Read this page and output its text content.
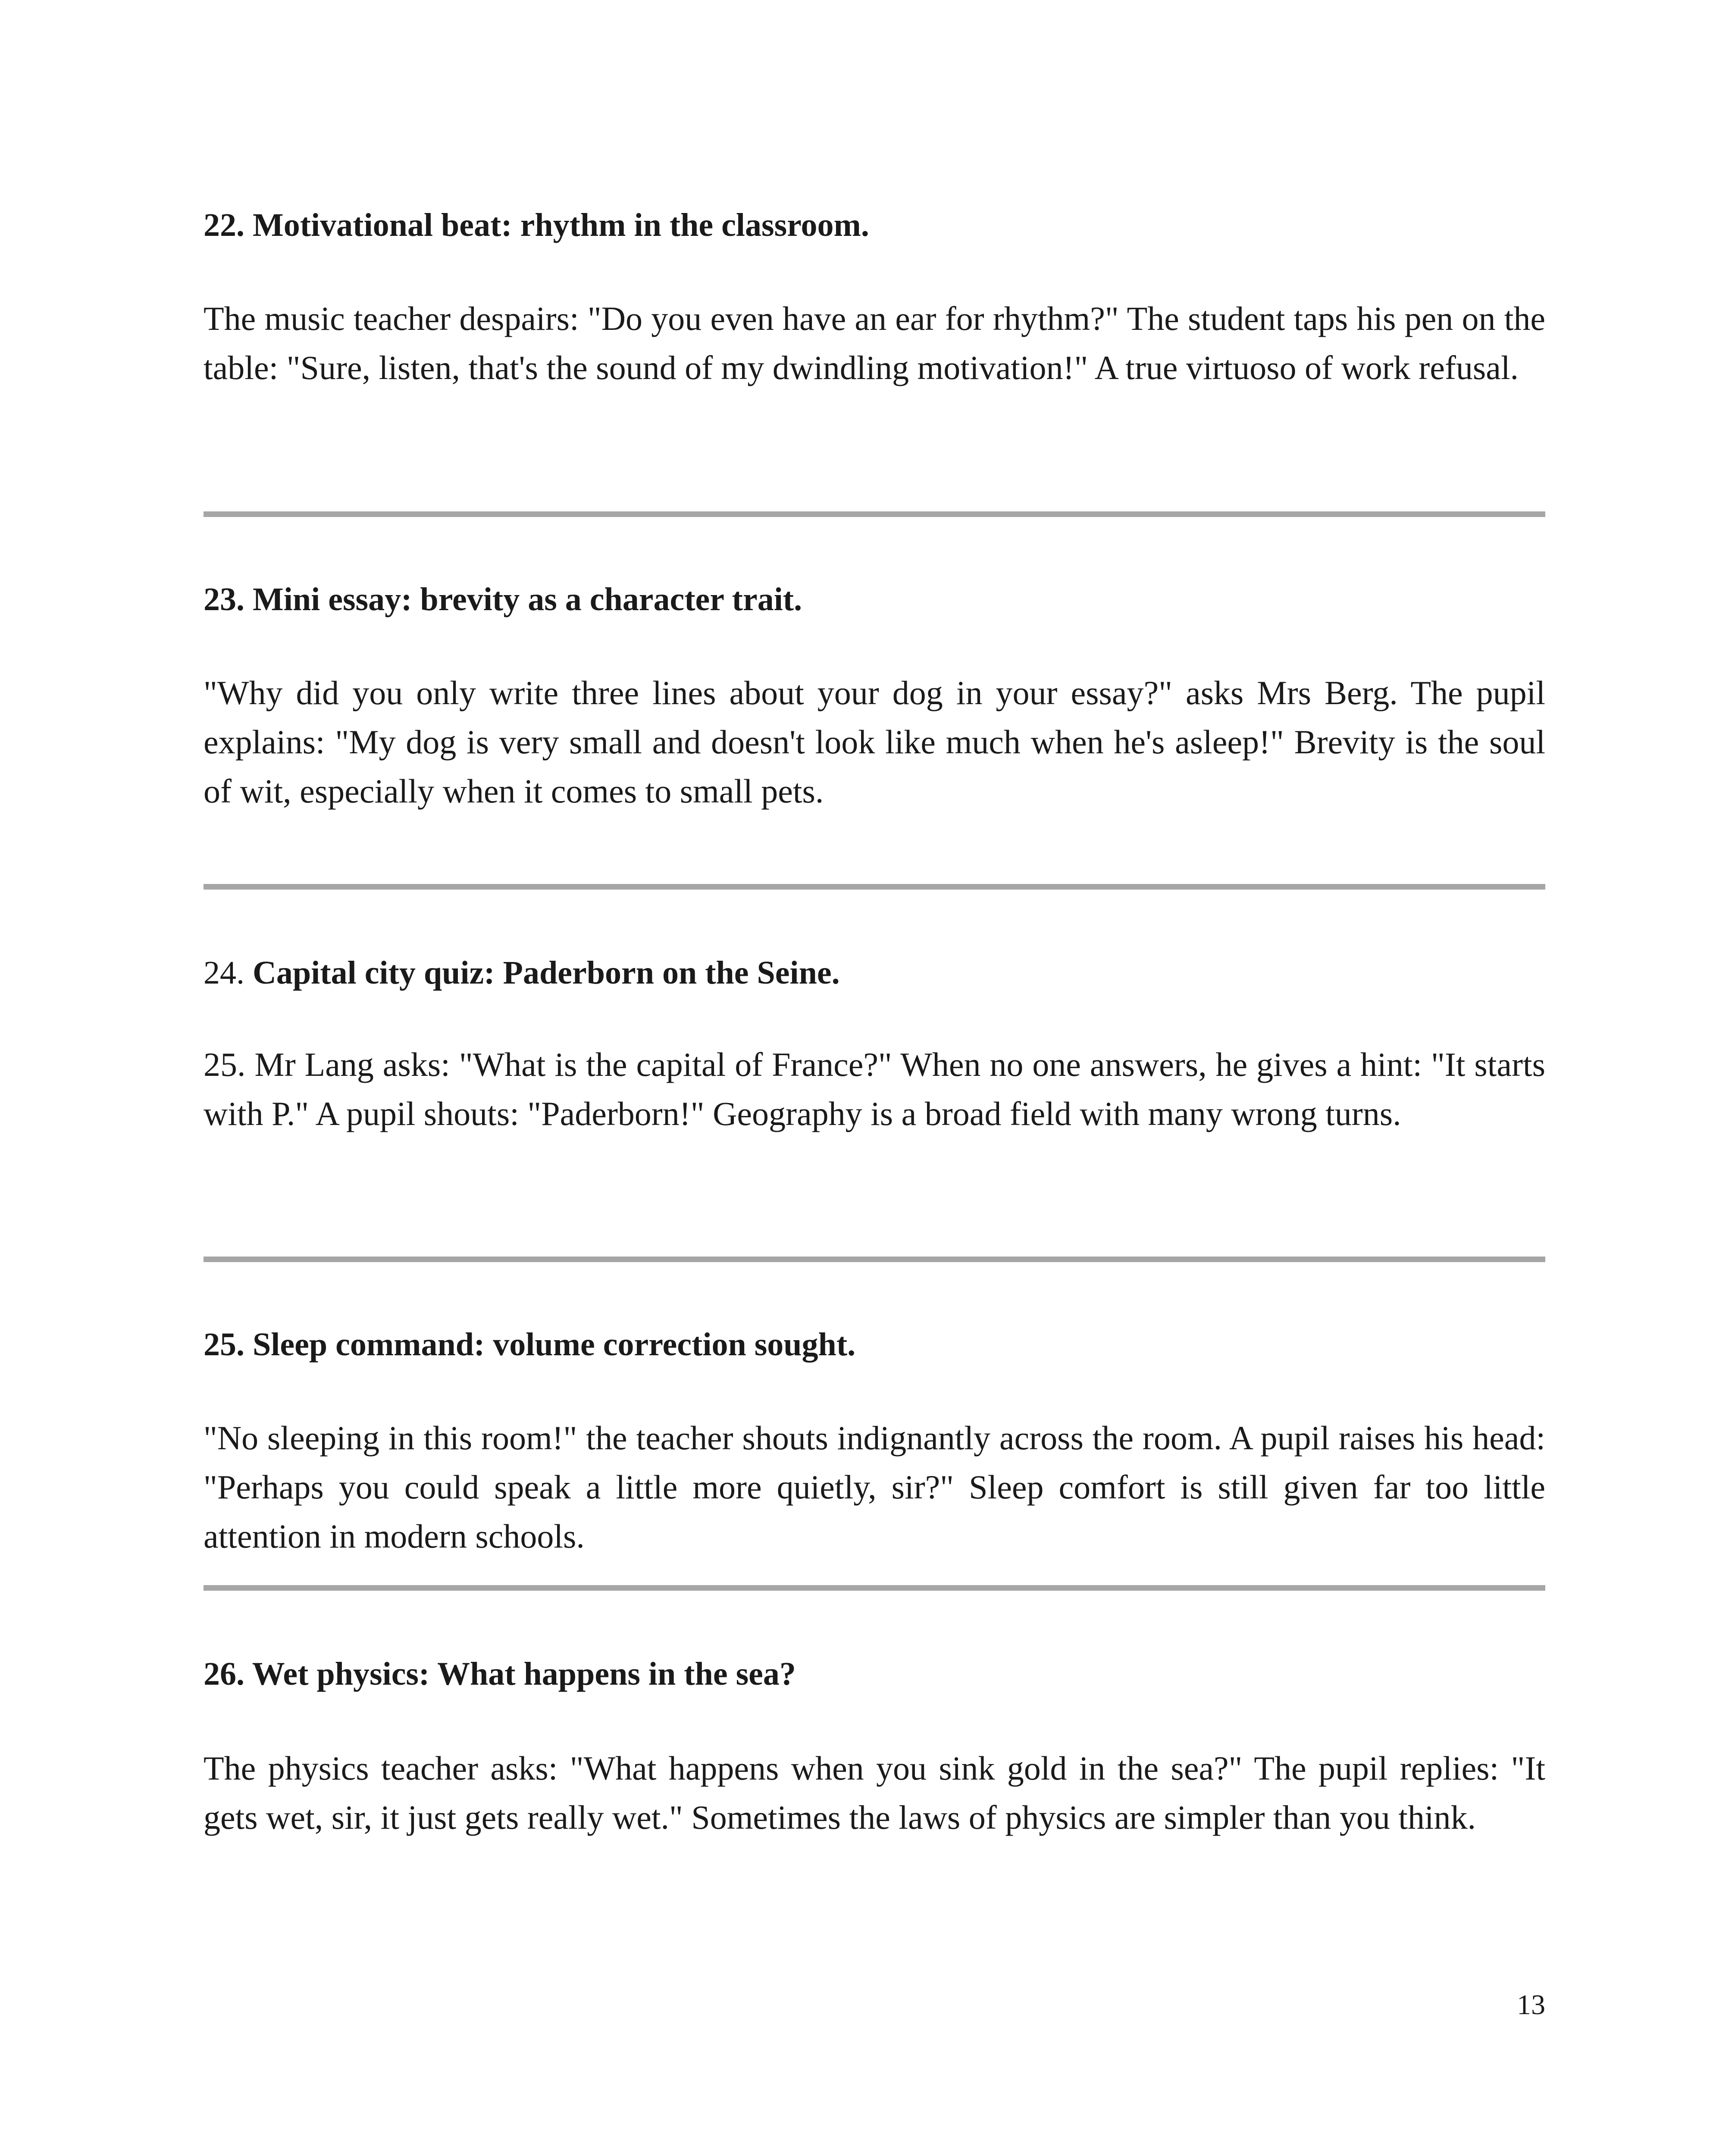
22. Motivational beat: rhythm in the classroom.
The music teacher despairs: "Do you even have an ear for rhythm?" The student taps his pen on the table: "Sure, listen, that's the sound of my dwindling motivation!" A true virtuoso of work refusal.
23. Mini essay: brevity as a character trait.
"Why did you only write three lines about your dog in your essay?" asks Mrs Berg. The pupil explains: "My dog is very small and doesn't look like much when he's asleep!" Brevity is the soul of wit, especially when it comes to small pets.
24. Capital city quiz: Paderborn on the Seine.
25. Mr Lang asks: "What is the capital of France?" When no one answers, he gives a hint: "It starts with P." A pupil shouts: "Paderborn!" Geography is a broad field with many wrong turns.
25. Sleep command: volume correction sought.
"No sleeping in this room!" the teacher shouts indignantly across the room. A pupil raises his head: "Perhaps you could speak a little more quietly, sir?" Sleep comfort is still given far too little attention in modern schools.
26. Wet physics: What happens in the sea?
The physics teacher asks: "What happens when you sink gold in the sea?" The pupil replies: "It gets wet, sir, it just gets really wet." Sometimes the laws of physics are simpler than you think.
13
